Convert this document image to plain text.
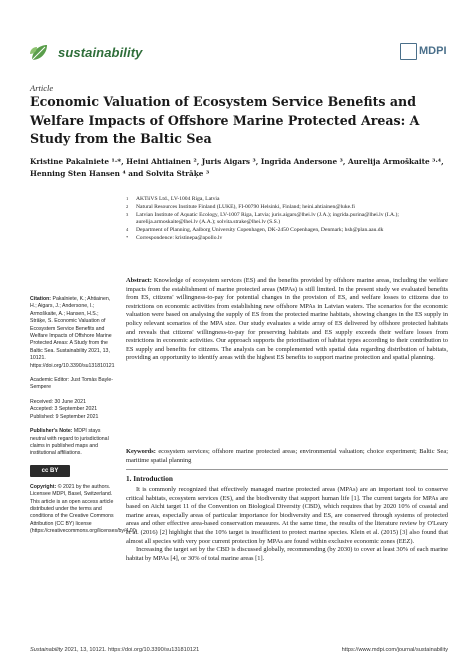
sustainability	MDPI
Article
Economic Valuation of Ecosystem Service Benefits and Welfare Impacts of Offshore Marine Protected Areas: A Study from the Baltic Sea
Kristine Pakalniete ¹·*, Heini Ahtiainen ², Juris Aigars ³, Ingrīda Andersone ³, Aurelija Armoškaite ³·⁴,
Henning Sten Hansen ⁴ and Solvita Strāķe ³
1 AKTiiVS Ltd., LV-1004 Riga, Latvia
2 Natural Resources Institute Finland (LUKE), FI-00790 Helsinki, Finland; heini.ahtiainen@luke.fi
3 Latvian Institute of Aquatic Ecology, LV-1007 Riga, Latvia; juris.aigars@lhei.lv (J.A.); ingrida.purina@lhei.lv (I.A.); aurelija.armoskaite@lhei.lv (A.A.); solvita.strake@lhei.lv (S.S.)
4 Department of Planning, Aalborg University Copenhagen, DK-2450 Copenhagen, Denmark; hsh@plan.aau.dk
* Correspondence: kristinepa@apollo.lv
Abstract: Knowledge of ecosystem services (ES) and the benefits provided by offshore marine areas, including the welfare impacts from the establishment of marine protected areas (MPAs) is still limited. In the present study we evaluated benefits from ES, citizens' willingness-to-pay for potential changes in the provision of ES, and welfare losses to citizens due to restrictions on economic activities from establishing new offshore MPAs in Latvian waters. The scenarios for the economic valuation were based on analysing the supply of ES from the protected marine habitats, showing changes in the ES supply in policy relevant scenarios of the MPA size. Our study evaluates a wide array of ES delivered by offshore protected habitats and reveals that citizens' willingness-to-pay for preserving habitats and ES supply exceeds their welfare losses from restrictions in economic activities. Our approach supports the prioritisation of habitat types according to their contribution to ES supply and benefits for citizens. The analysis can be complemented with spatial data regarding distribution of habitats, providing an opportunity to identify areas with the highest ES benefits to support marine protection and spatial planning.
Keywords: ecosystem services; offshore marine protected areas; environmental valuation; choice experiment; Baltic Sea; maritime spatial planning
Citation: Pakalniete, K.; Ahtiainen, H.; Aigars, J.; Andersone, I.; Armoškaite, A.; Hansen, H.S.; Strāķe, S. Economic Valuation of Ecosystem Service Benefits and Welfare Impacts of Offshore Marine Protected Areas: A Study from the Baltic Sea. Sustainability 2021, 13, 10121. https://doi.org/10.3390/su131810121
Academic Editor: Just Tomàs Bayle-Sempere
Received: 30 June 2021
Accepted: 3 September 2021
Published: 9 September 2021
Publisher's Note: MDPI stays neutral with regard to jurisdictional claims in published maps and institutional affiliations.
cc BY
Copyright: © 2021 by the authors. Licensee MDPI, Basel, Switzerland. This article is an open access article distributed under the terms and conditions of the Creative Commons Attribution (CC BY) license (https://creativecommons.org/licenses/by/4.0/).
1. Introduction

It is commonly recognized that effectively managed marine protected areas (MPAs) are an important tool to conserve critical habitats, ecosystem services (ES), and the biodiversity that support human life [1]. The current targets for MPAs are based on Aichi target 11 of the Convention on Biological Diversity (CBD), which requires that by 2020 10% of coastal and marine areas, especially areas of particular importance for biodiversity and ES, are conserved through systems of protected areas and other effective area-based conservation measures. At the same time, the results of the literature review by O'Leary et al. (2016) [2] highlight that the 10% target is insufficient to protect marine species. Klein et al. (2015) [3] also found that almost all species with very poor current protection by MPAs are found within exclusive economic zones (EEZ).

Increasing the target set by the CBD is discussed globally, recommending (by 2030) to cover at least 30% of each marine habitat by MPAs [4], or 30% of total marine areas [1].

Sustainability 2021, 13, 10121. https://doi.org/10.3390/su131810121	https://www.mdpi.com/journal/sustainability
